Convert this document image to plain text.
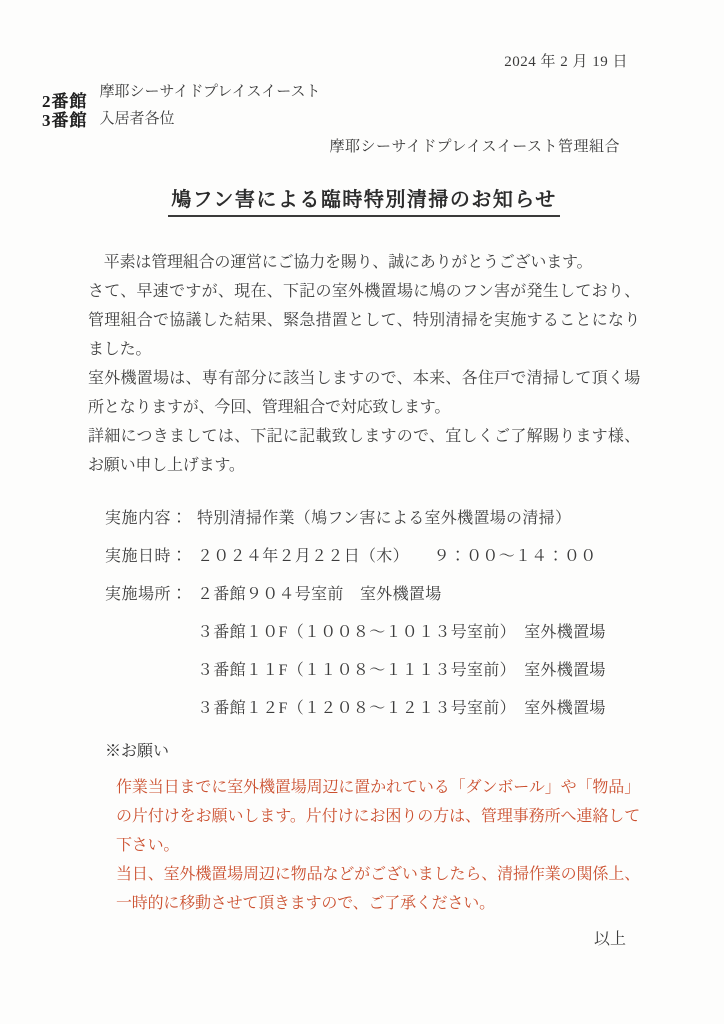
2024 年 2 月 19 日
2番館
3番館
摩耶シーサイドプレイスイースト
入居者各位
摩耶シーサイドプレイスイースト管理組合
鳩フン害による臨時特別清掃のお知らせ

　平素は管理組合の運営にご協力を賜り、誠にありがとうございます。

さて、早速ですが、現在、下記の室外機置場に鳩のフン害が発生しており、管理組合で協議した結果、緊急措置として、特別清掃を実施することになりました。

室外機置場は、専有部分に該当しますので、本来、各住戸で清掃して頂く場所となりますが、今回、管理組合で対応致します。

詳細につきましては、下記に記載致しますので、宜しくご了解賜ります様、お願い申し上げます。

実施内容： 特別清掃作業（鳩フン害による室外機置場の清掃）
実施日時： ２０２４年２月２２日（木）　　９：００～１４：００
実施場所： ２番館９０４号室前　室外機置場
３番館１０F（１００８～１０１３号室前）　室外機置場
３番館１１F（１１０８～１１１３号室前）　室外機置場
３番館１２F（１２０８～１２１３号室前）　室外機置場
※お願い

作業当日までに室外機置場周辺に置かれている「ダンボール」や「物品」の片付けをお願いします。片付けにお困りの方は、管理事務所へ連絡して下さい。

当日、室外機置場周辺に物品などがございましたら、清掃作業の関係上、一時的に移動させて頂きますので、ご了承ください。

以上
